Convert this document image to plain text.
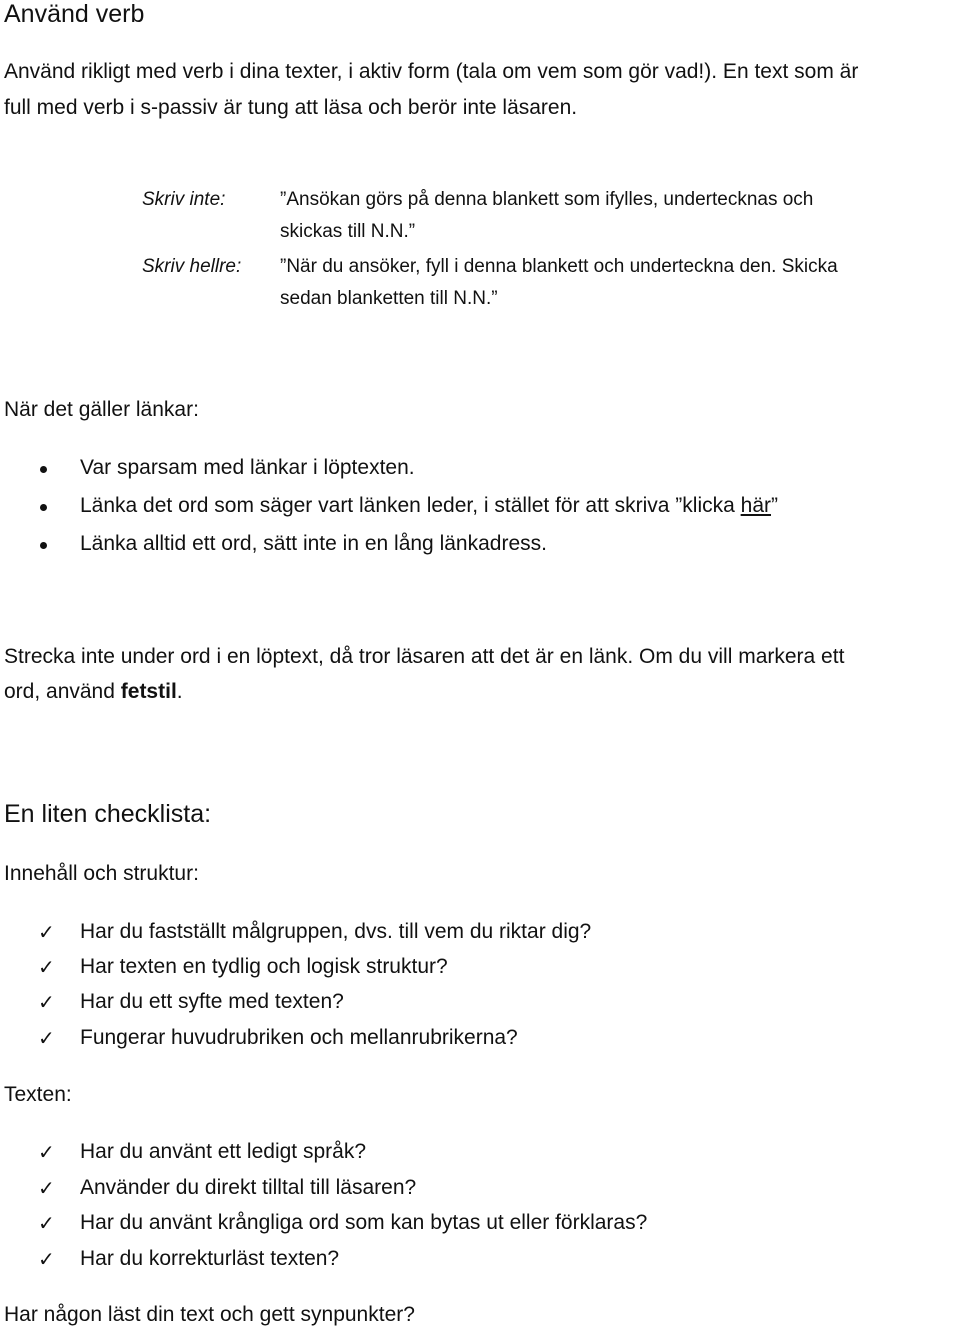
Använd verb
Använd rikligt med verb i dina texter, i aktiv form (tala om vem som gör vad!). En text som är
full med verb i s-passiv är tung att läsa och berör inte läsaren.
Skriv inte:	”Ansökan görs på denna blankett som ifylles, undertecknas och
skickas till N.N.”
Skriv hellre: ”När du ansöker, fyll i denna blankett och underteckna den. Skicka
sedan blanketten till N.N.”
När det gäller länkar:
Var sparsam med länkar i löptexten.
Länka det ord som säger vart länken leder, i stället för att skriva ”klicka här”
Länka alltid ett ord, sätt inte in en lång länkadress.
Strecka inte under ord i en löptext, då tror läsaren att det är en länk. Om du vill markera ett
ord, använd fetstil.
En liten checklista:
Innehåll och struktur:
✓ Har du fastställt målgruppen, dvs. till vem du riktar dig?
✓ Har texten en tydlig och logisk struktur?
✓ Har du ett syfte med texten?
✓ Fungerar huvudrubriken och mellanrubrikerna?
Texten:
✓ Har du använt ett ledigt språk?
✓ Använder du direkt tilltal till läsaren?
✓ Har du använt krångliga ord som kan bytas ut eller förklaras?
✓ Har du korrekturläst texten?
Har någon läst din text och gett synpunkter?
